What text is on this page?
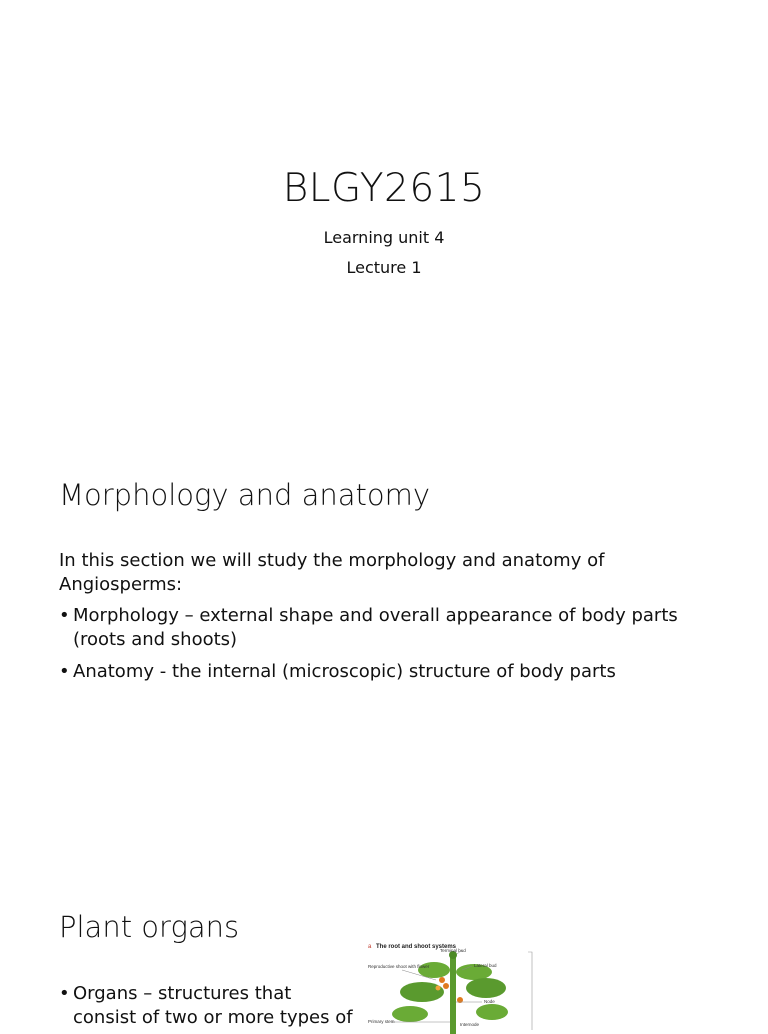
BLGY2615
Learning unit 4
Lecture 1
Morphology and anatomy
In this section we will study the morphology and anatomy of Angiosperms:
• Morphology – external shape and overall appearance of body parts (roots and shoots)
• Anatomy - the internal (microscopic) structure of body parts
Plant organs
• Organs – structures that consist of two or more types of
a The root and shoot systems
Terminal bud
Lateral bud
Reproductive shoot with flower
Node
Primary stem
Internode
